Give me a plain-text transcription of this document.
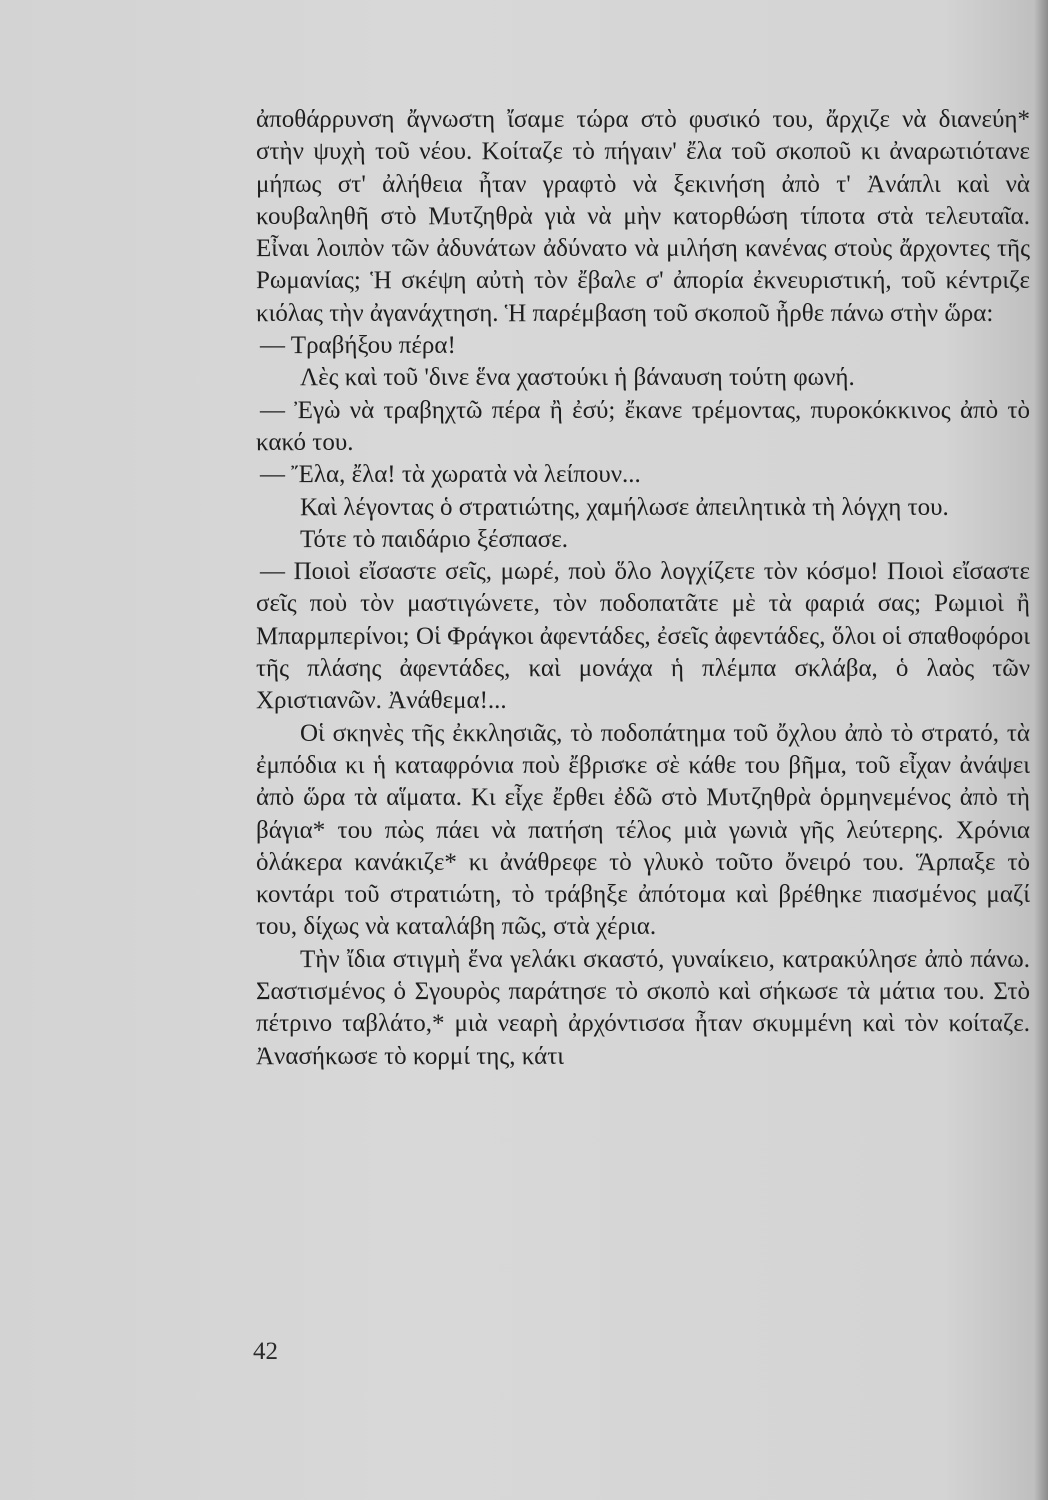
ἀποθάρρυνση ἄγνωστη ἴσαμε τώρα στὸ φυσικό του, ἄρχιζε νὰ διανεύη* στὴν ψυχὴ τοῦ νέου. Κοίταζε τὸ πήγαιν' ἔλα τοῦ σκοποῦ κι ἀναρωτιότανε μήπως στ' ἀλήθεια ἦταν γραφτὸ νὰ ξεκινήση ἀπὸ τ' Ἀνάπλι καὶ νὰ κουβαληθῆ στὸ Μυτζηθρὰ γιὰ νὰ μὴν κατορθώση τίποτα στὰ τελευταῖα. Εἶναι λοιπὸν τῶν ἀδυνάτων ἀδύνατο νὰ μιλήση κανένας στοὺς ἄρχοντες τῆς Ρωμανίας; Ἡ σκέψη αὐτὴ τὸν ἔβαλε σ' ἀπορία ἐκνευριστική, τοῦ κέντριζε κιόλας τὴν ἀγανάχτηση. Ἡ παρέμβαση τοῦ σκοποῦ ἦρθε πάνω στὴν ὥρα:

— Τραβήξου πέρα!

Λὲς καὶ τοῦ 'δινε ἕνα χαστούκι ἡ βάναυση τούτη φωνή.

— Ἐγὼ νὰ τραβηχτῶ πέρα ἢ ἐσύ; ἔκανε τρέμοντας, πυροκόκκινος ἀπὸ τὸ κακό του.

— Ἔλα, ἔλα! τὰ χωρατὰ νὰ λείπουν...

Καὶ λέγοντας ὁ στρατιώτης, χαμήλωσε ἀπειλητικὰ τὴ λόγχη του.

Τότε τὸ παιδάριο ξέσπασε.

— Ποιοὶ εἴσαστε σεῖς, μωρέ, ποὺ ὅλο λογχίζετε τὸν κόσμο! Ποιοὶ εἴσαστε σεῖς ποὺ τὸν μαστιγώνετε, τὸν ποδοπατᾶτε μὲ τὰ φαριά σας; Ρωμιοὶ ἢ Μπαρμπερίνοι; Οἱ Φράγκοι ἀφεντάδες, ἐσεῖς ἀφεντάδες, ὅλοι οἱ σπαθοφόροι τῆς πλάσης ἀφεντάδες, καὶ μονάχα ἡ πλέμπα σκλάβα, ὁ λαὸς τῶν Χριστιανῶν. Ἀνάθεμα!...

Οἱ σκηνὲς τῆς ἐκκλησιᾶς, τὸ ποδοπάτημα τοῦ ὄχλου ἀπὸ τὸ στρατό, τὰ ἐμπόδια κι ἡ καταφρόνια ποὺ ἔβρισκε σὲ κάθε του βῆμα, τοῦ εἶχαν ἀνάψει ἀπὸ ὥρα τὰ αἵματα. Κι εἶχε ἔρθει ἐδῶ στὸ Μυτζηθρὰ ὁρμηνεμένος ἀπὸ τὴ βάγια* του πὼς πάει νὰ πατήση τέλος μιὰ γωνιὰ γῆς λεύτερης. Χρόνια ὁλάκερα κανάκιζε* κι ἀνάθρεφε τὸ γλυκὸ τοῦτο ὄνειρό του. Ἅρπαξε τὸ κοντάρι τοῦ στρατιώτη, τὸ τράβηξε ἀπότομα καὶ βρέθηκε πιασμένος μαζί του, δίχως νὰ καταλάβη πῶς, στὰ χέρια.

Τὴν ἴδια στιγμὴ ἕνα γελάκι σκαστό, γυναίκειο, κατρακύλησε ἀπὸ πάνω. Σαστισμένος ὁ Σγουρὸς παράτησε τὸ σκοπὸ καὶ σήκωσε τὰ μάτια του. Στὸ πέτρινο ταβλάτο,* μιὰ νεαρὴ ἀρχόντισσα ἦταν σκυμμένη καὶ τὸν κοίταζε. Ἀνασήκωσε τὸ κορμί της, κάτι

42
